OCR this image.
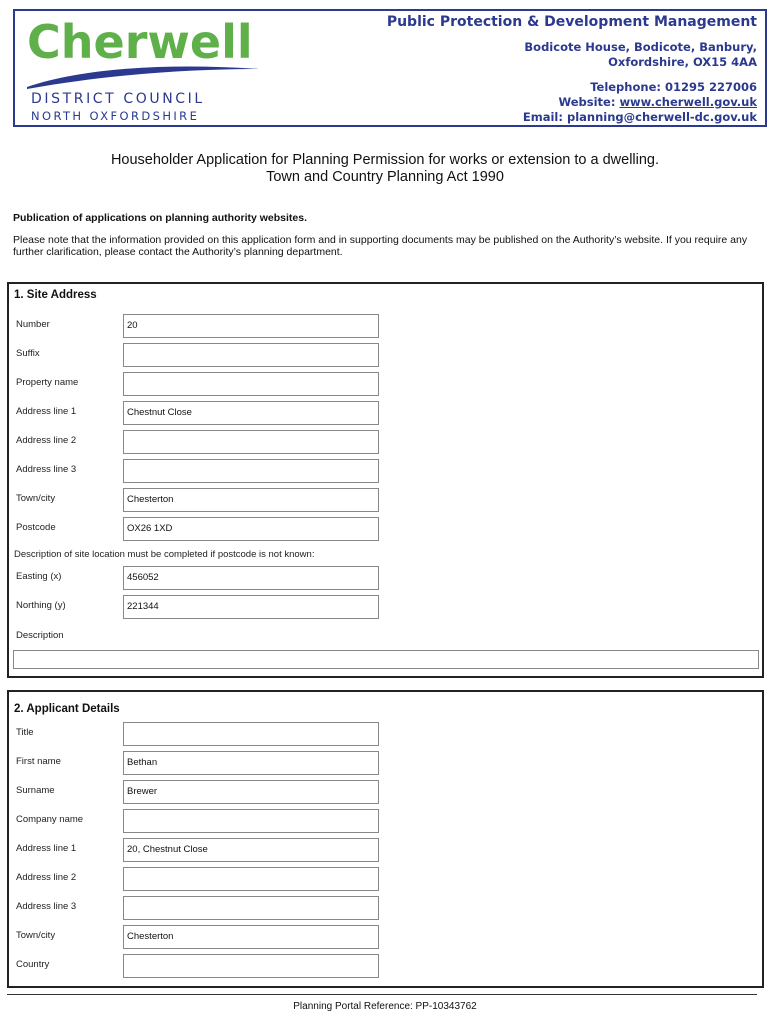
Cherwell
DISTRICT COUNCIL
NORTH OXFORDSHIRE
Public Protection & Development Management
Bodicote House, Bodicote, Banbury,
Oxfordshire, OX15 4AA
Telephone: 01295 227006
Website: www.cherwell.gov.uk
Email: planning@cherwell-dc.gov.uk
Householder Application for Planning Permission for works or extension to a dwelling.
Town and Country Planning Act 1990
Publication of applications on planning authority websites.
Please note that the information provided on this application form and in supporting documents may be published on the Authority’s website. If you require any further clarification, please contact the Authority’s planning department.
1. Site Address
Number	20
Suffix
Property name
Address line 1	Chestnut Close
Address line 2
Address line 3
Town/city	Chesterton
Postcode	OX26 1XD
Description of site location must be completed if postcode is not known:
Easting (x)	456052
Northing (y)	221344
Description
2. Applicant Details
Title
First name	Bethan
Surname	Brewer
Company name
Address line 1	20, Chestnut Close
Address line 2
Address line 3
Town/city	Chesterton
Country
Planning Portal Reference: PP-10343762
